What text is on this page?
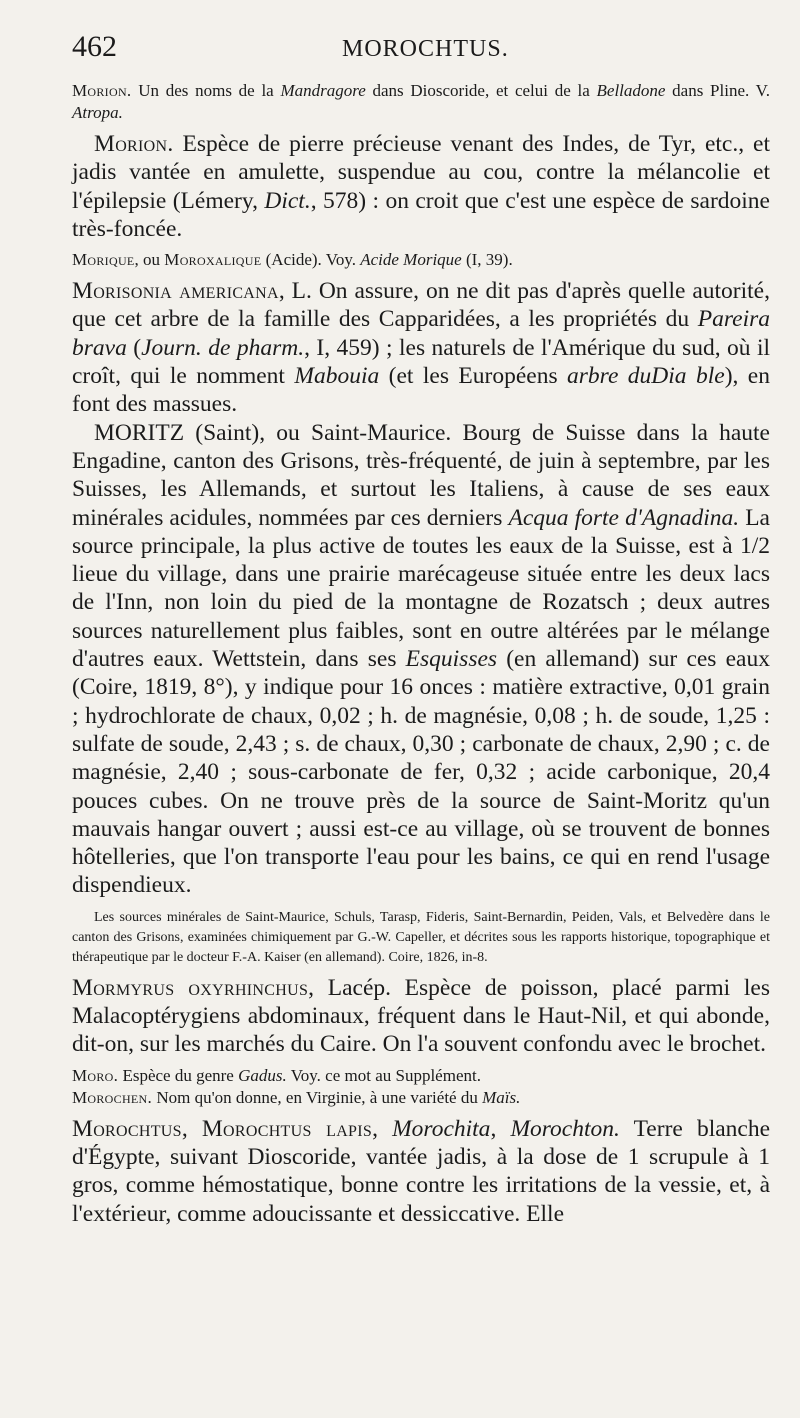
462	MOROCHTUS.

Morion. Un des noms de la Mandragore dans Dioscoride, et celui de la Belladone dans Pline. V. Atropa.

Morion. Espèce de pierre précieuse venant des Indes, de Tyr, etc., et jadis vantée en amulette, suspendue au cou, contre la mélancolie et l'épilepsie (Lémery, Dict., 578) : on croit que c'est une espèce de sardoine très-foncée.

Morique, ou Moroxalique (Acide). Voy. Acide Morique (I, 39).

Morisonia americana, L. On assure, on ne dit pas d'après quelle autorité, que cet arbre de la famille des Capparidées, a les propriétés du Pareira brava (Journ. de pharm., I, 459) ; les naturels de l'Amérique du sud, où il croît, qui le nomment Mabouia (et les Européens arbre duDia ble), en font des massues.

MORITZ (Saint), ou Saint-Maurice. Bourg de Suisse dans la haute Engadine, canton des Grisons, très-fréquenté, de juin à septembre, par les Suisses, les Allemands, et surtout les Italiens, à cause de ses eaux minérales acidules, nommées par ces derniers Acqua forte d'Agnadina. La source principale, la plus active de toutes les eaux de la Suisse, est à 1/2 lieue du village, dans une prairie marécageuse située entre les deux lacs de l'Inn, non loin du pied de la montagne de Rozatsch ; deux autres sources naturellement plus faibles, sont en outre altérées par le mélange d'autres eaux. Wettstein, dans ses Esquisses (en allemand) sur ces eaux (Coire, 1819, 8°), y indique pour 16 onces : matière extractive, 0,01 grain ; hydrochlorate de chaux, 0,02 ; h. de magnésie, 0,08 ; h. de soude, 1,25 : sulfate de soude, 2,43 ; s. de chaux, 0,30 ; carbonate de chaux, 2,90 ; c. de magnésie, 2,40 ; sous-carbonate de fer, 0,32 ; acide carbonique, 20,4 pouces cubes. On ne trouve près de la source de Saint-Moritz qu'un mauvais hangar ouvert ; aussi est-ce au village, où se trouvent de bonnes hôtelleries, que l'on transporte l'eau pour les bains, ce qui en rend l'usage dispendieux.

Les sources minérales de Saint-Maurice, Schuls, Tarasp, Fideris, Saint-Bernardin, Peiden, Vals, et Belvedère dans le canton des Grisons, examinées chimiquement par G.-W. Capeller, et décrites sous les rapports historique, topographique et thérapeutique par le docteur F.-A. Kaiser (en allemand). Coire, 1826, in-8.

Mormyrus oxyrhinchus, Lacép. Espèce de poisson, placé parmi les Malacoptérygiens abdominaux, fréquent dans le Haut-Nil, et qui abonde, dit-on, sur les marchés du Caire. On l'a souvent confondu avec le brochet.

Moro. Espèce du genre Gadus. Voy. ce mot au Supplément.

Morochen. Nom qu'on donne, en Virginie, à une variété du Maïs.

Morochtus, Morochtus lapis, Morochita, Morochton. Terre blanche d'Égypte, suivant Dioscoride, vantée jadis, à la dose de 1 scrupule à 1 gros, comme hémostatique, bonne contre les irritations de la vessie, et, à l'extérieur, comme adoucissante et dessiccative. Elle
